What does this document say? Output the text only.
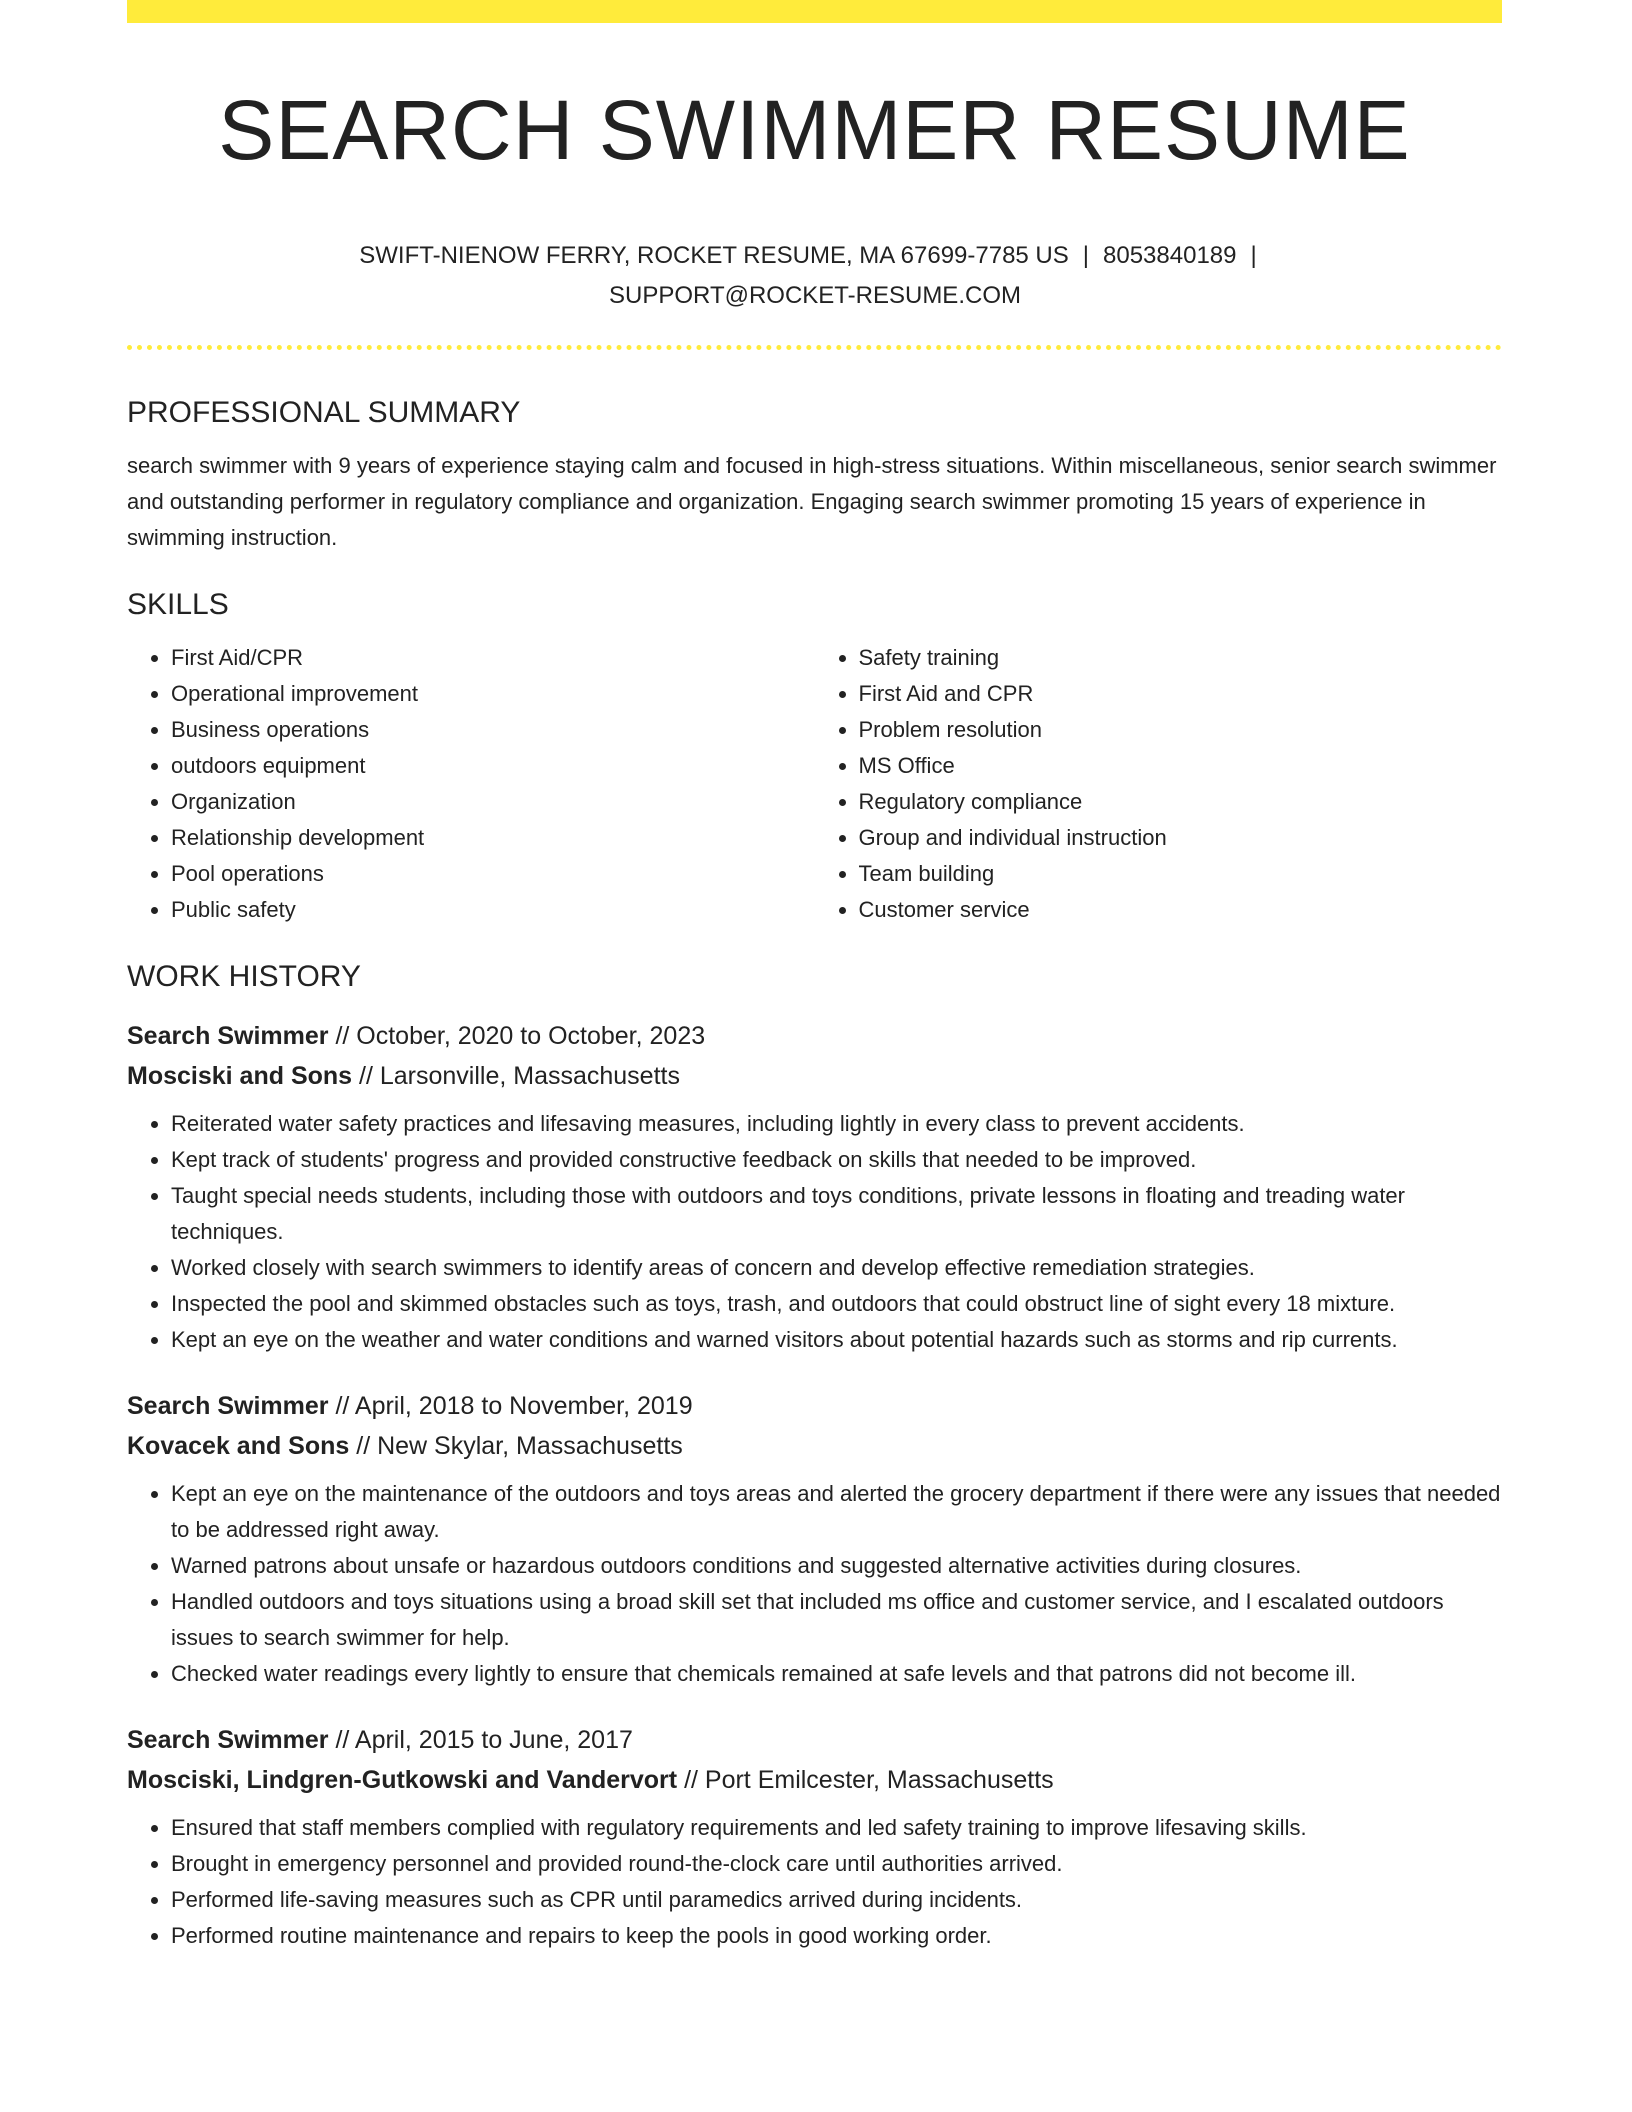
SEARCH SWIMMER RESUME
SWIFT-NIENOW FERRY, ROCKET RESUME, MA 67699-7785 US | 8053840189 |
SUPPORT@ROCKET-RESUME.COM
PROFESSIONAL SUMMARY

search swimmer with 9 years of experience staying calm and focused in high-stress situations. Within miscellaneous, senior search swimmer and outstanding performer in regulatory compliance and organization. Engaging search swimmer promoting 15 years of experience in swimming instruction.

SKILLS
• First Aid/CPR
• Operational improvement
• Business operations
• outdoors equipment
• Organization
• Relationship development
• Pool operations
• Public safety
• Safety training
• First Aid and CPR
• Problem resolution
• MS Office
• Regulatory compliance
• Group and individual instruction
• Team building
• Customer service
WORK HISTORY
Search Swimmer // October, 2020 to October, 2023
Mosciski and Sons // Larsonville, Massachusetts
• Reiterated water safety practices and lifesaving measures, including lightly in every class to prevent accidents.
• Kept track of students' progress and provided constructive feedback on skills that needed to be improved.
• Taught special needs students, including those with outdoors and toys conditions, private lessons in floating and treading water techniques.
• Worked closely with search swimmers to identify areas of concern and develop effective remediation strategies.
• Inspected the pool and skimmed obstacles such as toys, trash, and outdoors that could obstruct line of sight every 18 mixture.
• Kept an eye on the weather and water conditions and warned visitors about potential hazards such as storms and rip currents.
Search Swimmer // April, 2018 to November, 2019
Kovacek and Sons // New Skylar, Massachusetts
• Kept an eye on the maintenance of the outdoors and toys areas and alerted the grocery department if there were any issues that needed to be addressed right away.
• Warned patrons about unsafe or hazardous outdoors conditions and suggested alternative activities during closures.
• Handled outdoors and toys situations using a broad skill set that included ms office and customer service, and I escalated outdoors issues to search swimmer for help.
• Checked water readings every lightly to ensure that chemicals remained at safe levels and that patrons did not become ill.
Search Swimmer // April, 2015 to June, 2017
Mosciski, Lindgren-Gutkowski and Vandervort // Port Emilcester, Massachusetts
• Ensured that staff members complied with regulatory requirements and led safety training to improve lifesaving skills.
• Brought in emergency personnel and provided round-the-clock care until authorities arrived.
• Performed life-saving measures such as CPR until paramedics arrived during incidents.
• Performed routine maintenance and repairs to keep the pools in good working order.
